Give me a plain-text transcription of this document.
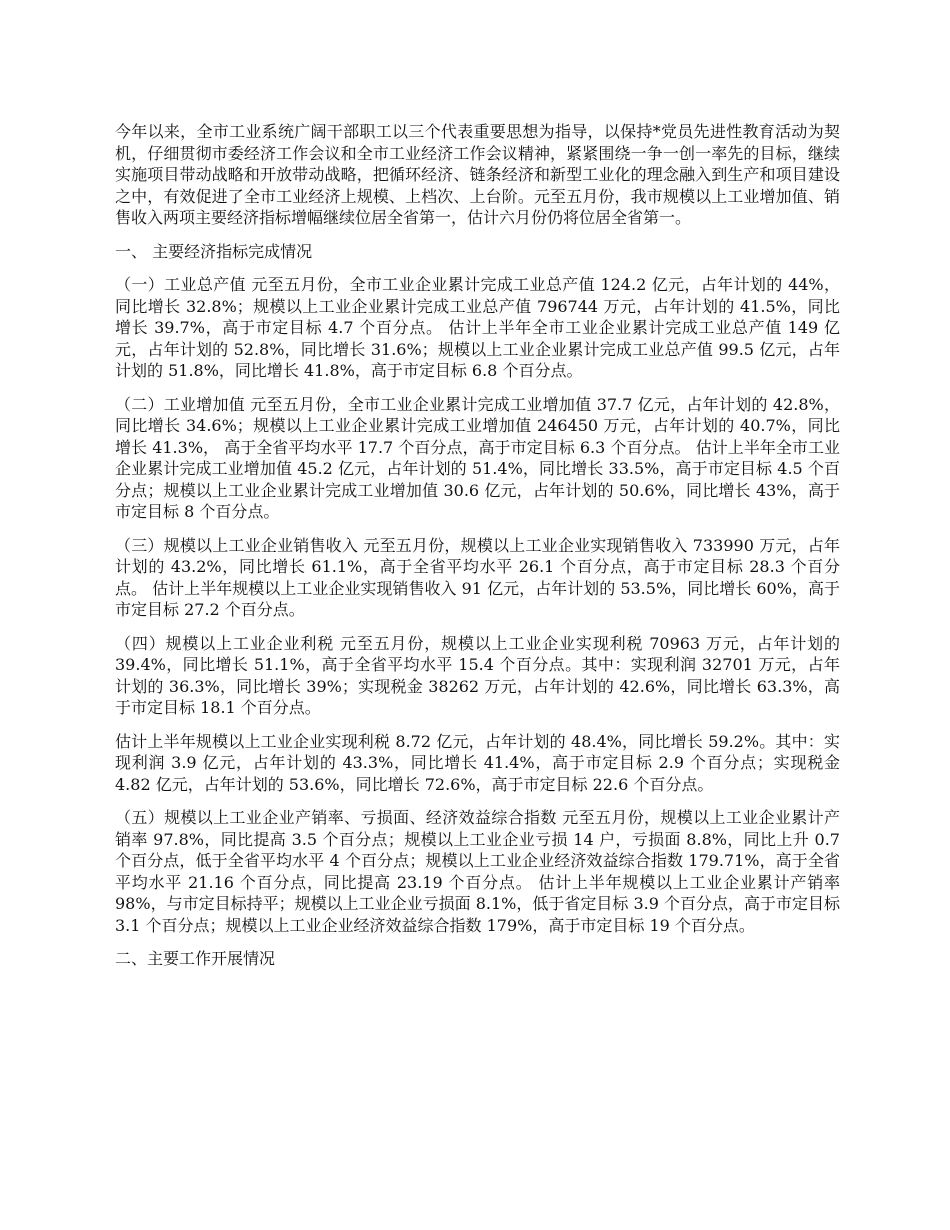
今年以来，全市工业系统广阔干部职工以三个代表重要思想为指导，以保持*党员先进性教育活动为契机，仔细贯彻市委经济工作会议和全市工业经济工作会议精神，紧紧围绕一争一创一率先的目标，继续实施项目带动战略和开放带动战略，把循环经济、链条经济和新型工业化的理念融入到生产和项目建设之中，有效促进了全市工业经济上规模、上档次、上台阶。元至五月份，我市规模以上工业增加值、销售收入两项主要经济指标增幅继续位居全省第一，估计六月份仍将位居全省第一。

一、 主要经济指标完成情况

（一）工业总产值 元至五月份，全市工业企业累计完成工业总产值 124.2 亿元，占年计划的 44%，同比增长 32.8%；规模以上工业企业累计完成工业总产值 796744 万元，占年计划的 41.5%，同比增长 39.7%，高于市定目标 4.7 个百分点。 估计上半年全市工业企业累计完成工业总产值 149 亿元，占年计划的 52.8%，同比增长 31.6%；规模以上工业企业累计完成工业总产值 99.5 亿元，占年计划的 51.8%，同比增长 41.8%，高于市定目标 6.8 个百分点。

（二）工业增加值 元至五月份，全市工业企业累计完成工业增加值 37.7 亿元，占年计划的 42.8%，同比增长 34.6%；规模以上工业企业累计完成工业增加值 246450 万元，占年计划的 40.7%，同比增长 41.3%， 高于全省平均水平 17.7 个百分点，高于市定目标 6.3 个百分点。 估计上半年全市工业企业累计完成工业增加值 45.2 亿元，占年计划的 51.4%，同比增长 33.5%，高于市定目标 4.5 个百分点；规模以上工业企业累计完成工业增加值 30.6 亿元，占年计划的 50.6%，同比增长 43%，高于市定目标 8 个百分点。

（三）规模以上工业企业销售收入 元至五月份，规模以上工业企业实现销售收入 733990 万元，占年计划的 43.2%，同比增长 61.1%，高于全省平均水平 26.1 个百分点，高于市定目标 28.3 个百分点。 估计上半年规模以上工业企业实现销售收入 91 亿元，占年计划的 53.5%，同比增长 60%，高于市定目标 27.2 个百分点。

（四）规模以上工业企业利税 元至五月份，规模以上工业企业实现利税 70963 万元，占年计划的 39.4%，同比增长 51.1%，高于全省平均水平 15.4 个百分点。其中：实现利润 32701 万元，占年计划的 36.3%，同比增长 39%；实现税金 38262 万元，占年计划的 42.6%，同比增长 63.3%，高于市定目标 18.1 个百分点。

估计上半年规模以上工业企业实现利税 8.72 亿元，占年计划的 48.4%，同比增长 59.2%。其中：实现利润 3.9 亿元，占年计划的 43.3%，同比增长 41.4%，高于市定目标 2.9 个百分点；实现税金 4.82 亿元，占年计划的 53.6%，同比增长 72.6%，高于市定目标 22.6 个百分点。

（五）规模以上工业企业产销率、亏损面、经济效益综合指数 元至五月份，规模以上工业企业累计产销率 97.8%，同比提高 3.5 个百分点；规模以上工业企业亏损 14 户，亏损面 8.8%，同比上升 0.7 个百分点，低于全省平均水平 4 个百分点；规模以上工业企业经济效益综合指数 179.71%，高于全省平均水平 21.16 个百分点，同比提高 23.19 个百分点。 估计上半年规模以上工业企业累计产销率 98%，与市定目标持平；规模以上工业企业亏损面 8.1%，低于省定目标 3.9 个百分点，高于市定目标 3.1 个百分点；规模以上工业企业经济效益综合指数 179%，高于市定目标 19 个百分点。

二、主要工作开展情况
